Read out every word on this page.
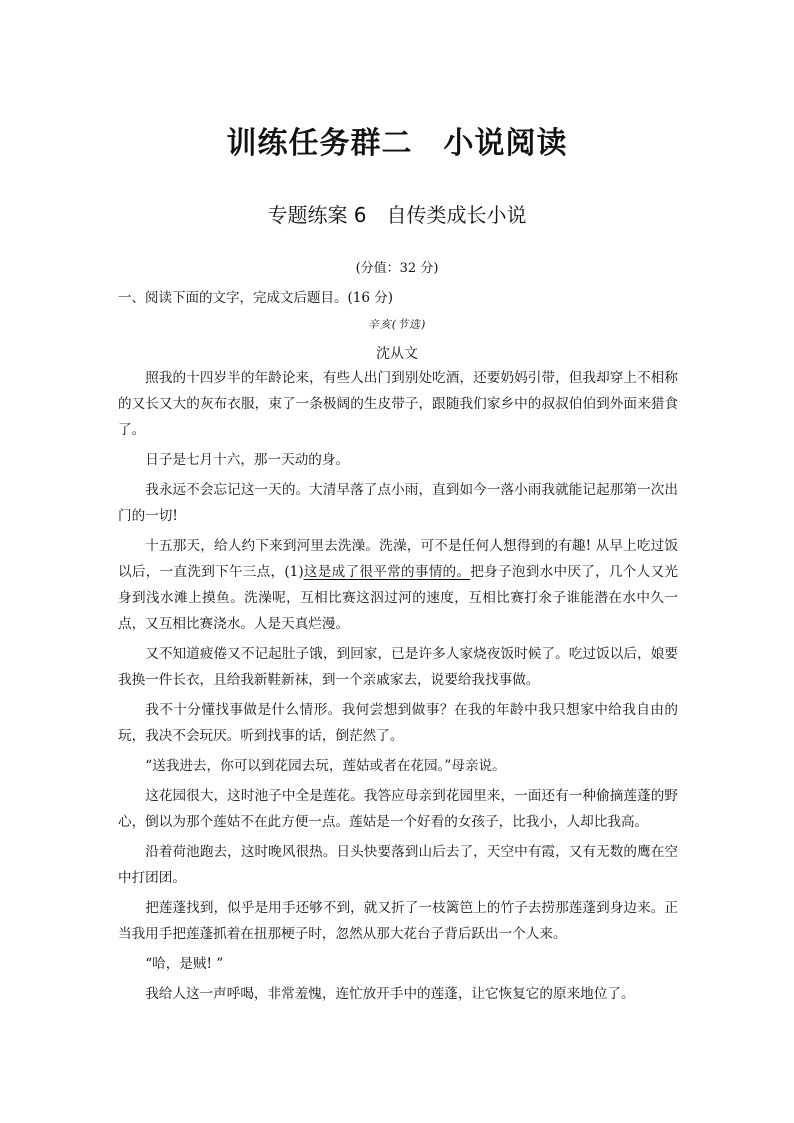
训练任务群二　小说阅读
专题练案 6　自传类成长小说
(分值：32 分)
一、阅读下面的文字，完成文后题目。(16 分)
辛亥(节选)
沈从文

照我的十四岁半的年龄论来，有些人出门到别处吃酒，还要奶妈引带，但我却穿上不相称的又长又大的灰布衣服，束了一条极阔的生皮带子，跟随我们家乡中的叔叔伯伯到外面来猎食了。

日子是七月十六，那一天动的身。

我永远不会忘记这一天的。大清早落了点小雨，直到如今一落小雨我就能记起那第一次出门的一切!

十五那天，给人约下来到河里去洗澡。洗澡，可不是任何人想得到的有趣! 从早上吃过饭以后，一直洗到下午三点，(1)这是成了很平常的事情的。把身子泡到水中厌了，几个人又光身到浅水滩上摸鱼。洗澡呢，互相比赛这泅过河的速度，互相比赛打氽子谁能潜在水中久一点，又互相比赛浇水。人是天真烂漫。

又不知道疲倦又不记起肚子饿，到回家，已是许多人家烧夜饭时候了。吃过饭以后，娘要我换一件长衣，且给我新鞋新袜，到一个亲戚家去，说要给我找事做。

我不十分懂找事做是什么情形。我何尝想到做事？在我的年龄中我只想家中给我自由的玩，我决不会玩厌。听到找事的话，倒茫然了。

“送我进去，你可以到花园去玩，莲姑或者在花园。”母亲说。

这花园很大，这时池子中全是莲花。我答应母亲到花园里来，一面还有一种偷摘莲蓬的野心，倒以为那个莲姑不在此方便一点。莲姑是一个好看的女孩子，比我小，人却比我高。

沿着荷池跑去，这时晚风很热。日头快要落到山后去了，天空中有霞，又有无数的鹰在空中打团团。

把莲蓬找到，似乎是用手还够不到，就又折了一枝篱笆上的竹子去捞那莲蓬到身边来。正当我用手把莲蓬抓着在扭那梗子时，忽然从那大花台子背后跃出一个人来。

“哈，是贼! ”

我给人这一声呼喝，非常羞愧，连忙放开手中的莲蓬，让它恢复它的原来地位了。
